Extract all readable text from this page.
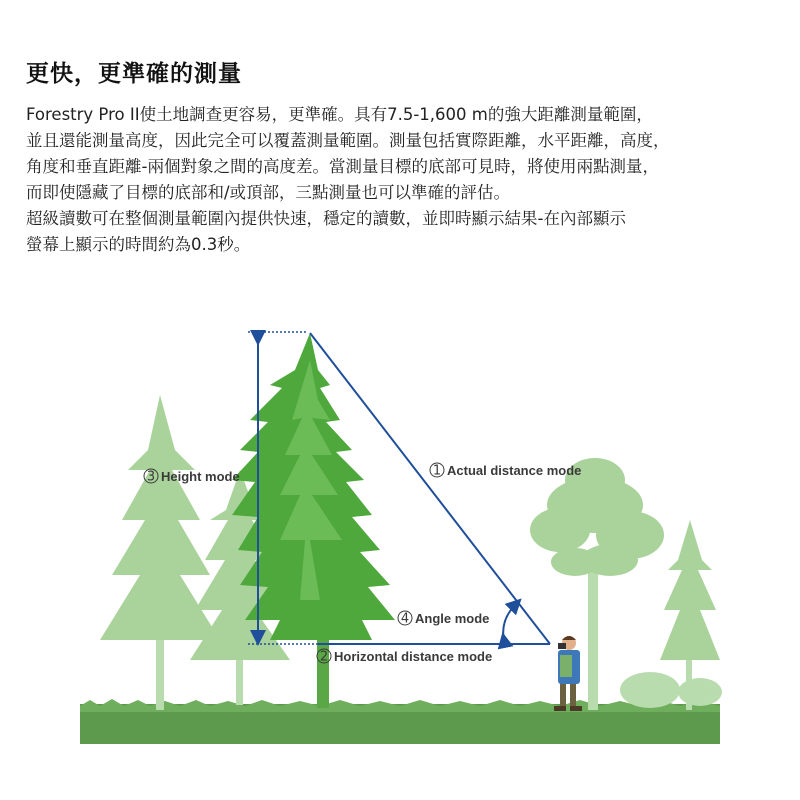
更快，更準確的測量
Forestry Pro II使土地調查更容易，更準確。具有7.5-1,600 m的強大距離測量範圍，
並且還能測量高度，因此完全可以覆蓋測量範圍。測量包括實際距離，水平距離，高度，
角度和垂直距離-兩個對象之間的高度差。當測量目標的底部可見時，將使用兩點測量，
而即使隱藏了目標的底部和/或頂部，三點測量也可以準確的評估。
超級讀數可在整個測量範圍內提供快速，穩定的讀數，並即時顯示結果-在內部顯示
螢幕上顯示的時間約為0.3秒。
3 Height mode	1 Actual distance mode
4 Angle mode
2 Horizontal distance mode
